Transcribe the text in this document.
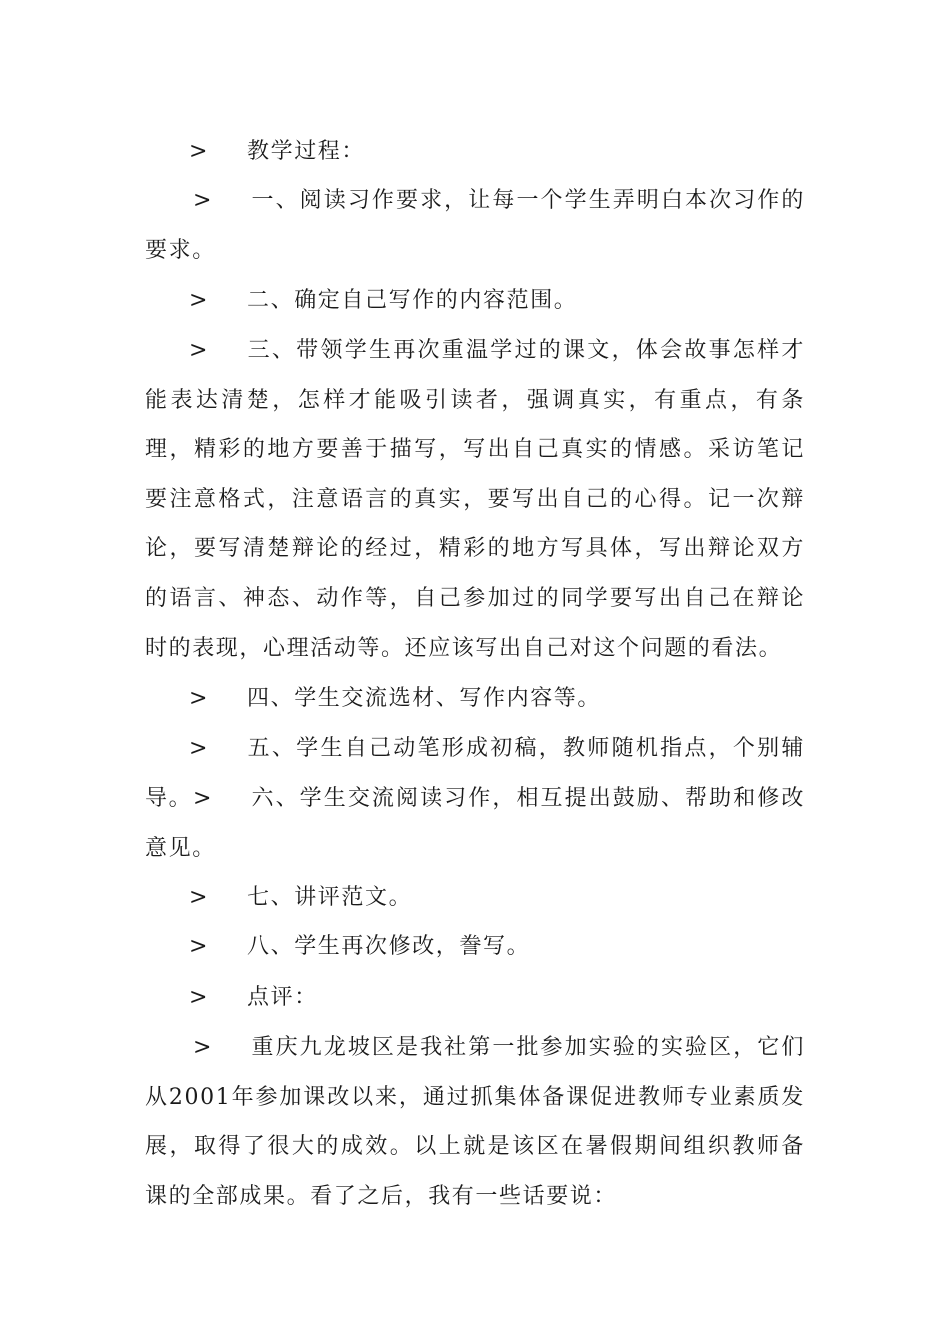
> 教学过程：

> 一、阅读习作要求，让每一个学生弄明白本次习作的要求。

> 二、确定自己写作的内容范围。

> 三、带领学生再次重温学过的课文，体会故事怎样才能表达清楚，怎样才能吸引读者，强调真实，有重点，有条理，精彩的地方要善于描写，写出自己真实的情感。采访笔记要注意格式，注意语言的真实，要写出自己的心得。记一次辩论，要写清楚辩论的经过，精彩的地方写具体，写出辩论双方的语言、神态、动作等，自己参加过的同学要写出自己在辩论时的表现，心理活动等。还应该写出自己对这个问题的看法。

> 四、学生交流选材、写作内容等。

> 五、学生自己动笔形成初稿，教师随机指点，个别辅导。 > 六、学生交流阅读习作，相互提出鼓励、帮助和修改意见。

> 七、讲评范文。

> 八、学生再次修改，誊写。

> 点评：

> 重庆九龙坡区是我社第一批参加实验的实验区，它们从2001年参加课改以来，通过抓集体备课促进教师专业素质发展，取得了很大的成效。以上就是该区在暑假期间组织教师备课的全部成果。看了之后，我有一些话要说：
